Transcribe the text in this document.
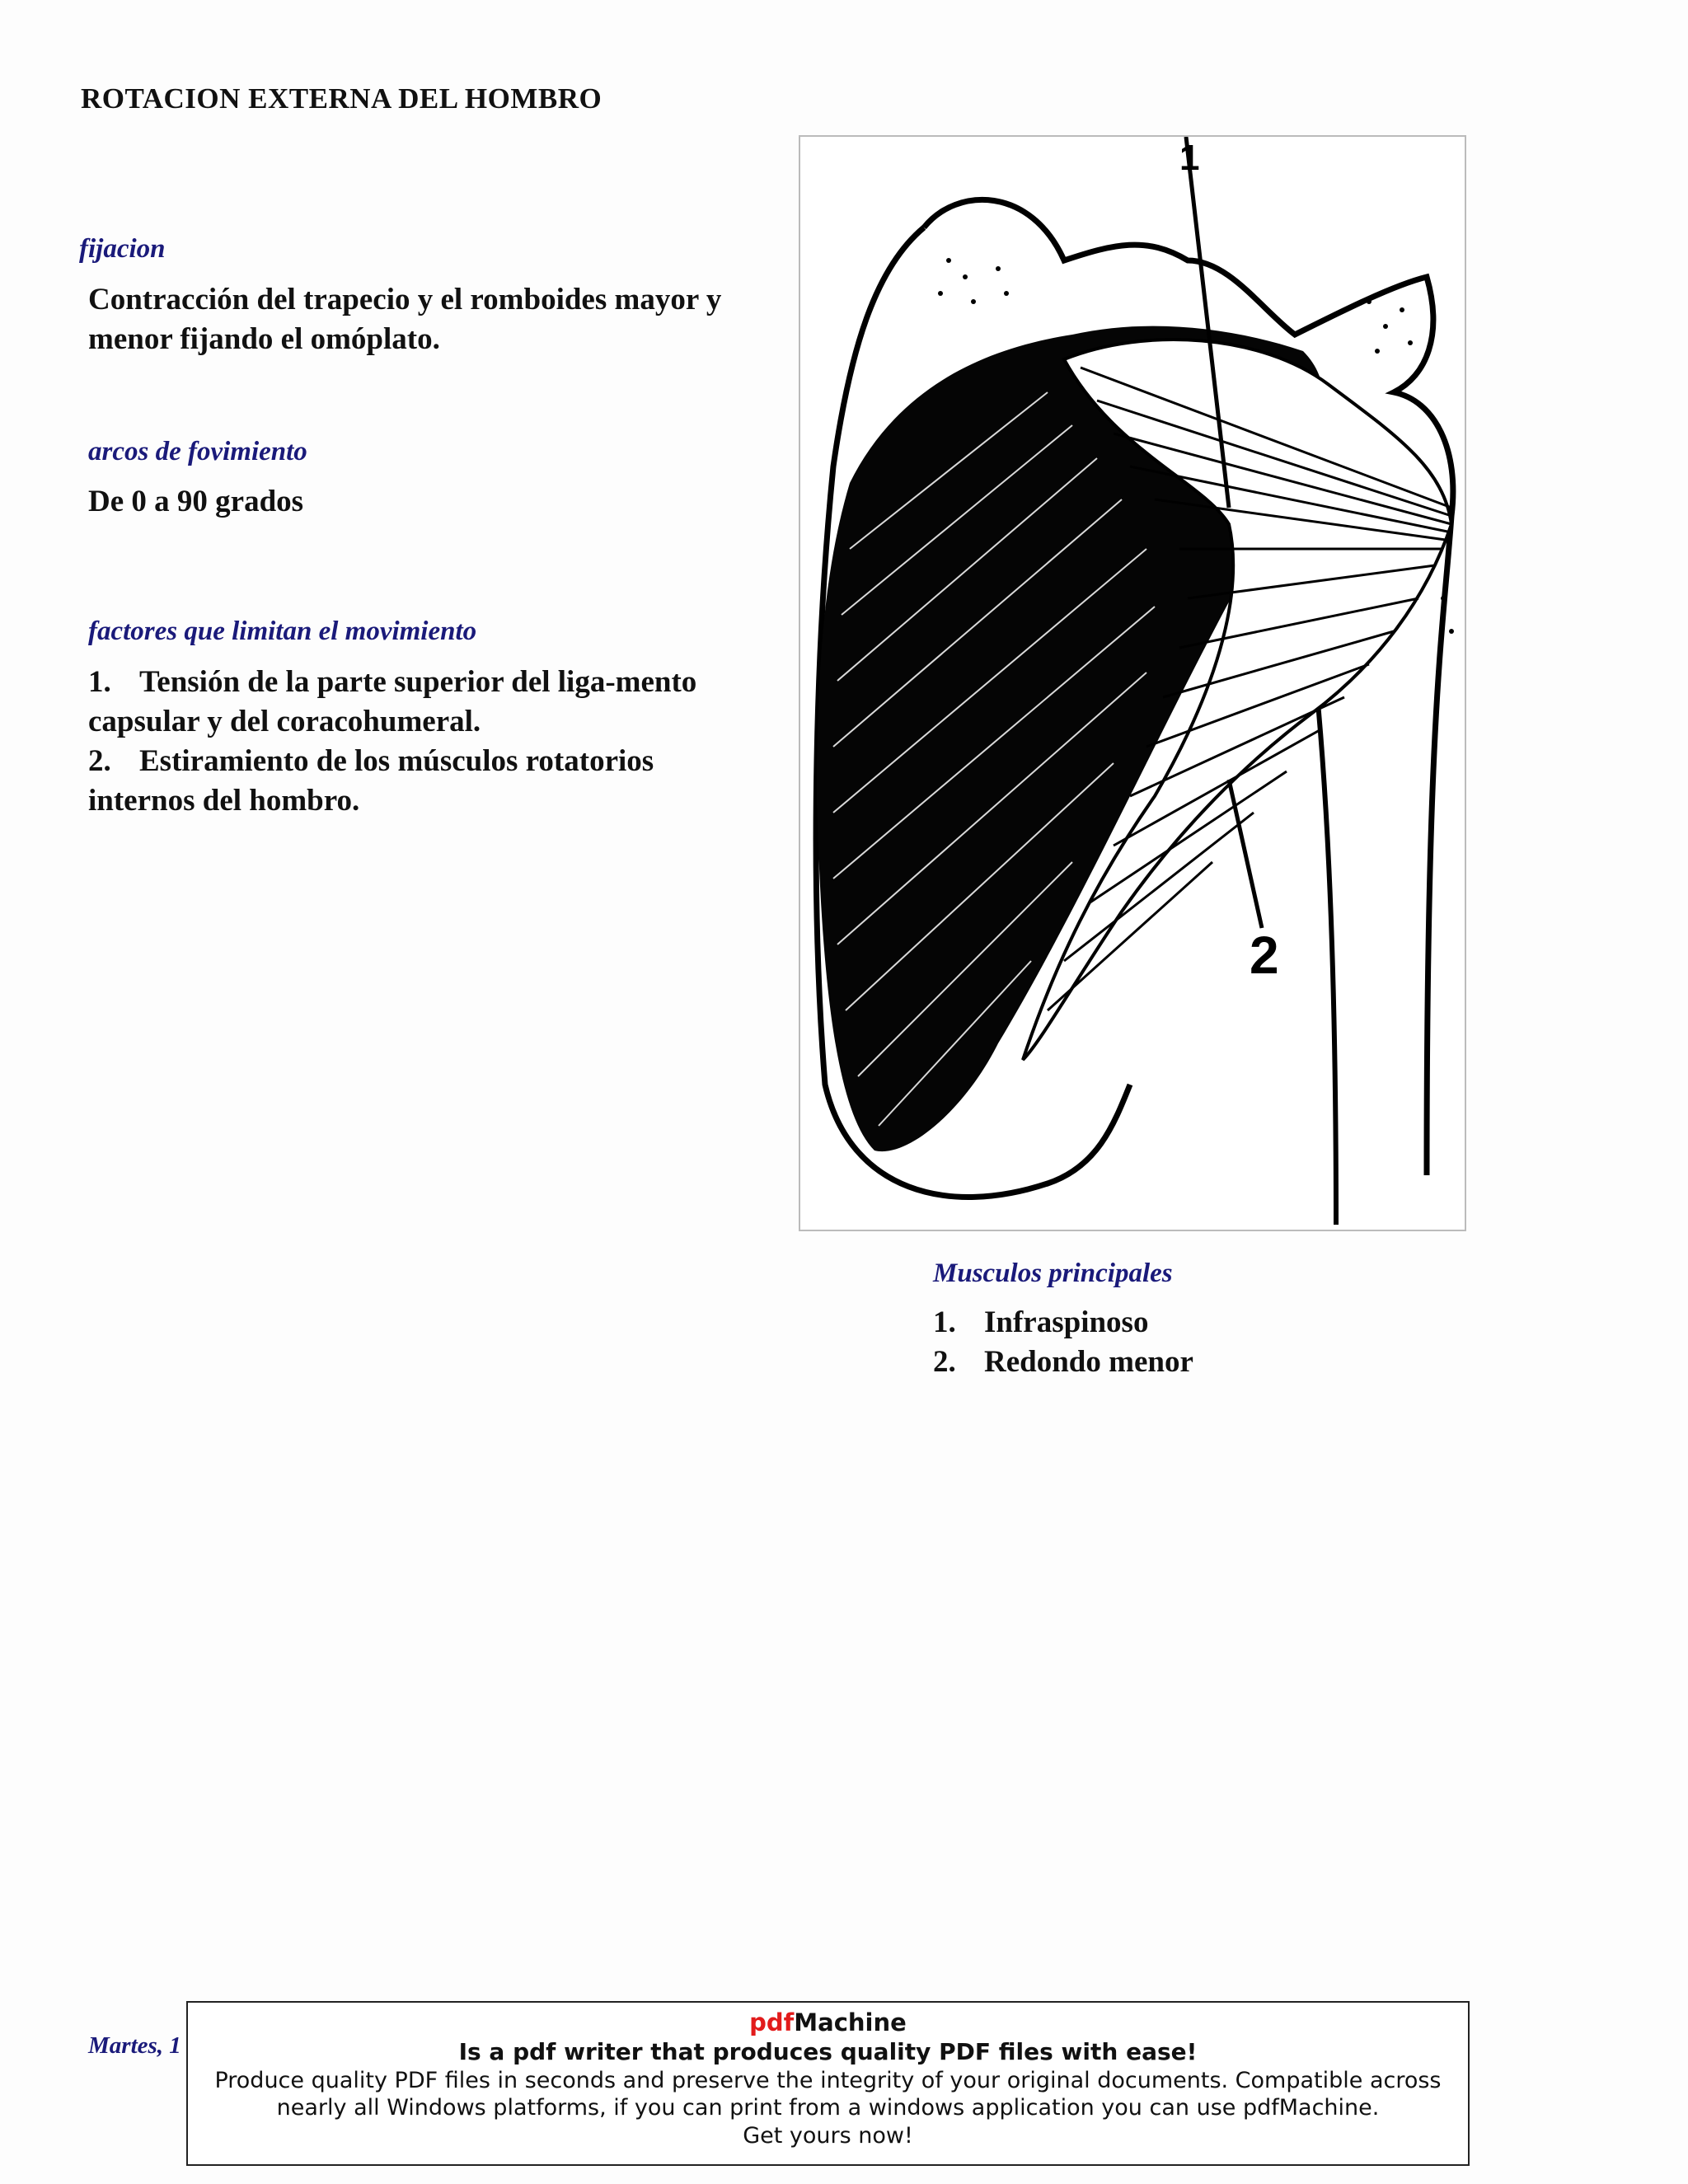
ROTACION EXTERNA DEL HOMBRO
fijacion
Contracción del trapecio y el romboides mayor y
menor fijando el omóplato.
arcos de fovimiento
De 0 a 90 grados
factores que limitan el movimiento
1. Tensión de la parte superior del liga-mento
capsular y del coracohumeral.
2. Estiramiento de los músculos rotatorios
internos del hombro.
1
2
Musculos principales
1. Infraspinoso
2. Redondo menor
Martes, 1
pdfMachine
Is a pdf writer that produces quality PDF files with ease!
Produce quality PDF files in seconds and preserve the integrity of your original documents. Compatible across
nearly all Windows platforms, if you can print from a windows application you can use pdfMachine.
Get yours now!
